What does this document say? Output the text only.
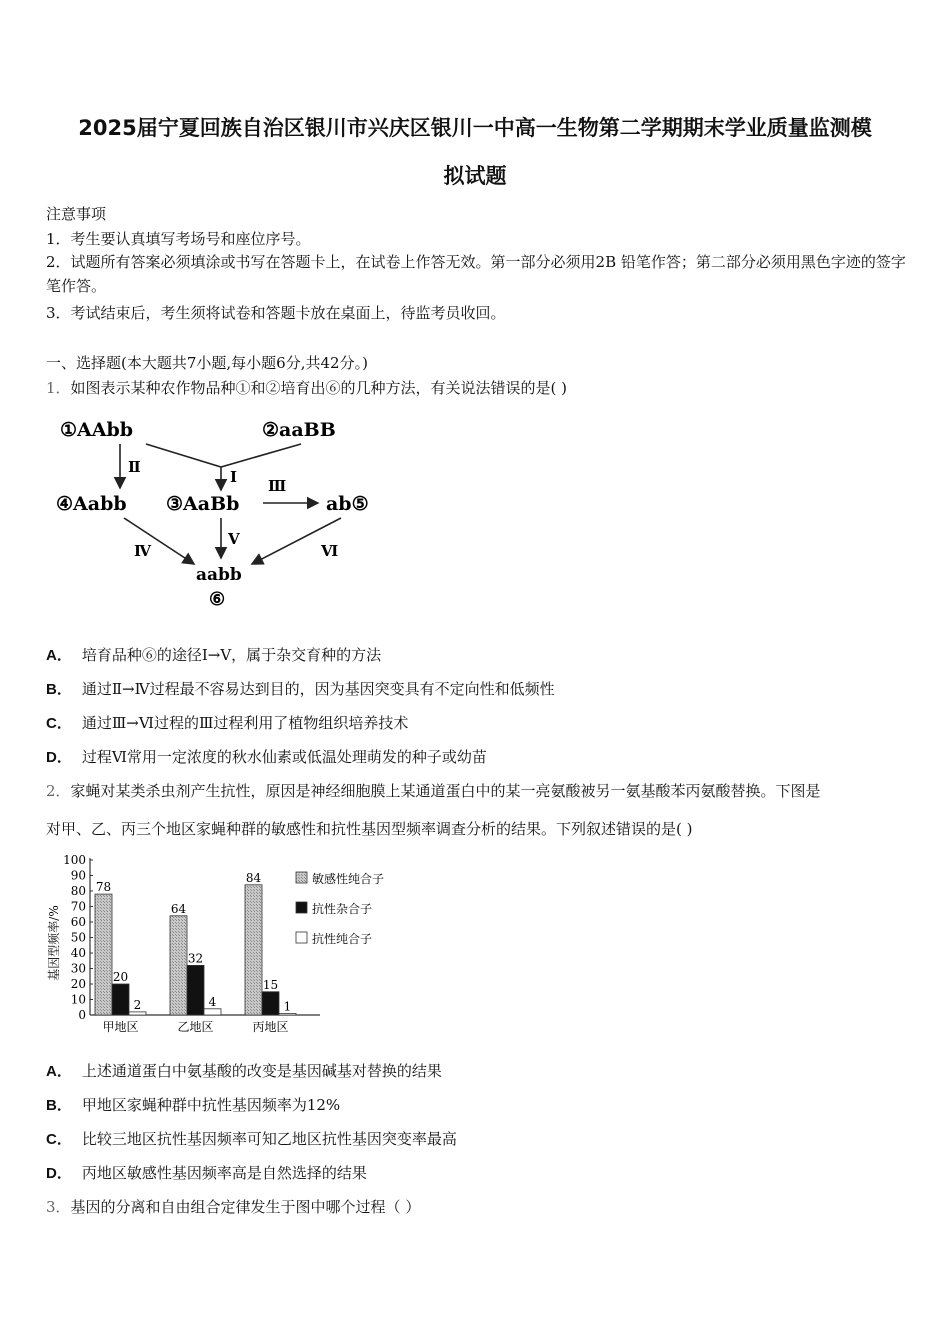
2025届宁夏回族自治区银川市兴庆区银川一中高一生物第二学期期末学业质量监测模
拟试题
注意事项
1．考生要认真填写考场号和座位序号。
2．试题所有答案必须填涂或书写在答题卡上，在试卷上作答无效。第一部分必须用2B 铅笔作答；第二部分必须用黑色字迹的签字笔作答。
3．考试结束后，考生须将试卷和答题卡放在桌面上，待监考员收回。
一、选择题(本大题共7小题,每小题6分,共42分。)
1．如图表示某种农作物品种①和②培育出⑥的几种方法，有关说法错误的是( )
①AAbb	②aaBB
④Aabb ③AaBb	ab⑤
aabb
⑥
Ⅱ
Ⅰ Ⅲ
Ⅳ
Ⅴ
Ⅵ
A． 培育品种⑥的途径Ⅰ→Ⅴ，属于杂交育种的方法
B． 通过Ⅱ→Ⅳ过程最不容易达到目的，因为基因突变具有不定向性和低频性
C． 通过Ⅲ→Ⅵ过程的Ⅲ过程利用了植物组织培养技术
D． 过程Ⅵ常用一定浓度的秋水仙素或低温处理萌发的种子或幼苗
2．家蝇对某类杀虫剂产生抗性，原因是神经细胞膜上某通道蛋白中的某一亮氨酸被另一氨基酸苯丙氨酸替换。下图是
对甲、乙、丙三个地区家蝇种群的敏感性和抗性基因型频率调查分析的结果。下列叙述错误的是( )
基因型频率/%
0
10
20
30
40
50
60
70
80
90
100
78
20
2
甲地区
64
32
4
乙地区
84
15
1
丙地区
敏感性纯合子
抗性杂合子
抗性纯合子
A． 上述通道蛋白中氨基酸的改变是基因碱基对替换的结果
B． 甲地区家蝇种群中抗性基因频率为12%
C． 比较三地区抗性基因频率可知乙地区抗性基因突变率最高
D． 丙地区敏感性基因频率高是自然选择的结果
3．基因的分离和自由组合定律发生于图中哪个过程（ ）
